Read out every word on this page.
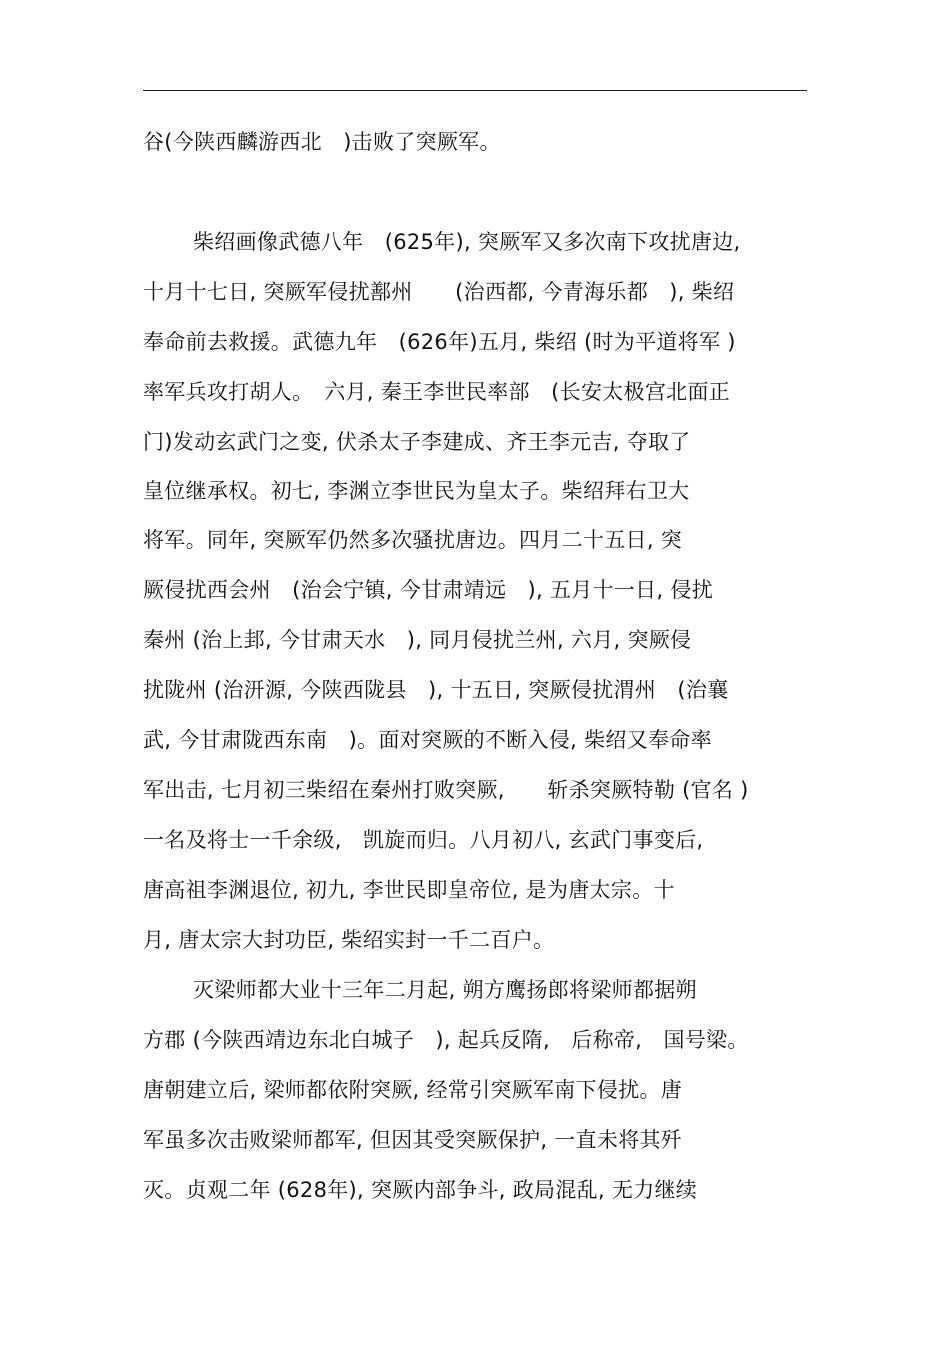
谷(今陕西麟游西北　)击败了突厥军。
柴绍画像武德八年　(625年), 突厥军又多次南下攻扰唐边,
十月十七日, 突厥军侵扰鄯州　　(治西都, 今青海乐都　), 柴绍
奉命前去救援。武德九年　(626年)五月, 柴绍 (时为平道将军 )
率军兵攻打胡人。　六月, 秦王李世民率部　(长安太极宫北面正
门)发动玄武门之变, 伏杀太子李建成、齐王李元吉, 夺取了
皇位继承权。初七, 李渊立李世民为皇太子。柴绍拜右卫大
将军。同年, 突厥军仍然多次骚扰唐边。四月二十五日, 突
厥侵扰西会州　(治会宁镇, 今甘肃靖远　), 五月十一日, 侵扰
秦州 (治上邽, 今甘肃天水　), 同月侵扰兰州, 六月, 突厥侵
扰陇州 (治汧源, 今陕西陇县　), 十五日, 突厥侵扰渭州　(治襄
武, 今甘肃陇西东南　)。面对突厥的不断入侵, 柴绍又奉命率
军出击, 七月初三柴绍在秦州打败突厥,　　斩杀突厥特勒 (官名 )
一名及将士一千余级,　凯旋而归。八月初八, 玄武门事变后,
唐高祖李渊退位, 初九, 李世民即皇帝位, 是为唐太宗。十
月, 唐太宗大封功臣, 柴绍实封一千二百户。
灭梁师都大业十三年二月起, 朔方鹰扬郎将梁师都据朔
方郡 (今陕西靖边东北白城子　), 起兵反隋,　后称帝,　国号梁。
唐朝建立后, 梁师都依附突厥, 经常引突厥军南下侵扰。唐
军虽多次击败梁师都军, 但因其受突厥保护, 一直未将其歼
灭。贞观二年 (628年), 突厥内部争斗, 政局混乱, 无力继续
